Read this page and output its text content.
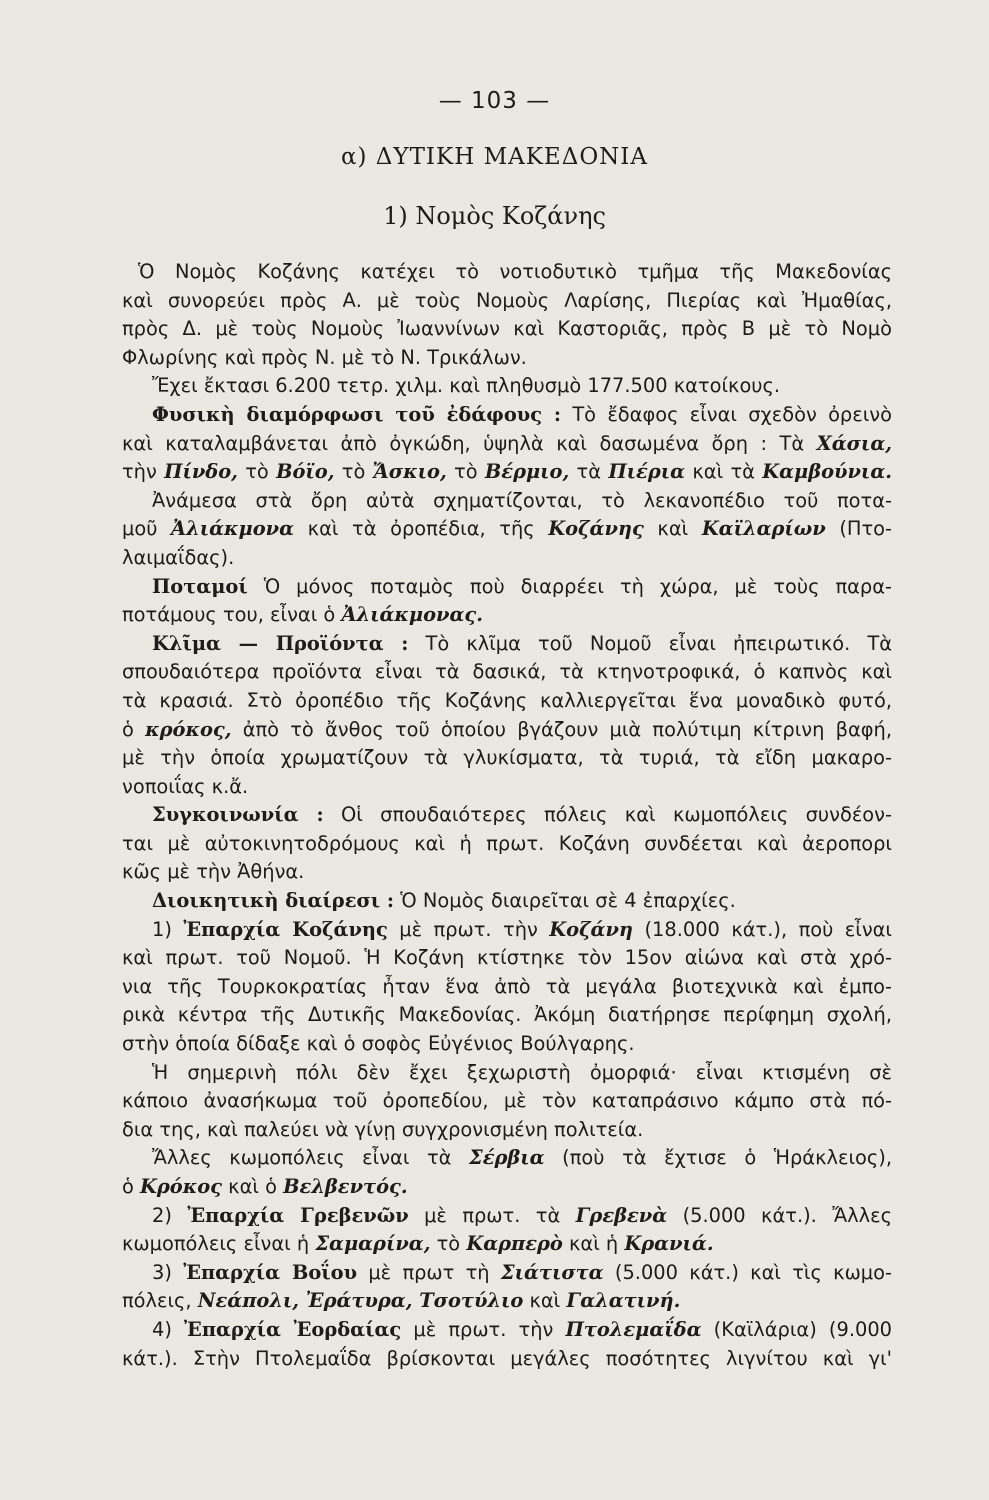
— 103 —
α) ΔΥΤΙΚΗ ΜΑΚΕΔΟΝΙΑ
1) Νομὸς Κοζάνης
Ὁ Νομὸς Κοζάνης κατέχει τὸ νοτιοδυτικὸ τμῆμα τῆς Μακεδονίας
καὶ συνορεύει πρὸς Α. μὲ τοὺς Νομοὺς Λαρίσης, Πιερίας καὶ Ἠμαθίας,
πρὸς Δ. μὲ τοὺς Νομοὺς Ἰωαννίνων καὶ Καστοριᾶς, πρὸς Β μὲ τὸ Νομὸ
Φλωρίνης καὶ πρὸς Ν. μὲ τὸ Ν. Τρικάλων.
Ἔχει ἔκτασι 6.200 τετρ. χιλμ. καὶ πληθυσμὸ 177.500 κατοίκους.
Φυσικὴ διαμόρφωσι τοῦ ἐδάφους : Τὸ ἔδαφος εἶναι σχεδὸν ὀρεινὸ
καὶ καταλαμβάνεται ἀπὸ ὀγκώδη, ὑψηλὰ καὶ δασωμένα ὄρη : Τὰ Χάσια,
τὴν Πίνδο, τὸ Βόϊο, τὸ Ἄσκιο, τὸ Βέρμιο, τὰ Πιέρια καὶ τὰ Καμβούνια.
Ἀνάμεσα στὰ ὄρη αὐτὰ σχηματίζονται, τὸ λεκανοπέδιο τοῦ ποτα-
μοῦ Ἀλιάκμονα καὶ τὰ ὀροπέδια, τῆς Κοζάνης καὶ Καϊλαρίων (Πτο-
λαιμαΐδας).
Ποταμοί Ὁ μόνος ποταμὸς ποὺ διαρρέει τὴ χώρα, μὲ τοὺς παρα-
ποτάμους του, εἶναι ὁ Ἀλιάκμονας.
Κλῖμα — Προϊόντα : Τὸ κλῖμα τοῦ Νομοῦ εἶναι ἠπειρωτικό. Τὰ
σπουδαιότερα προϊόντα εἶναι τὰ δασικά, τὰ κτηνοτροφικά, ὁ καπνὸς καὶ
τὰ κρασιά. Στὸ ὀροπέδιο τῆς Κοζάνης καλλιεργεῖται ἕνα μοναδικὸ φυτό,
ὁ κρόκος, ἀπὸ τὸ ἄνθος τοῦ ὁποίου βγάζουν μιὰ πολύτιμη κίτρινη βαφή,
μὲ τὴν ὁποία χρωματίζουν τὰ γλυκίσματα, τὰ τυριά, τὰ εἴδη μακαρο-
νοποιΐας κ.ἄ.
Συγκοινωνία : Οἱ σπουδαιότερες πόλεις καὶ κωμοπόλεις συνδέον-
ται μὲ αὐτοκινητοδρόμους καὶ ἡ πρωτ. Κοζάνη συνδέεται καὶ ἀεροπορι
κῶς μὲ τὴν Ἀθήνα.
Διοικητικὴ διαίρεσι : Ὁ Νομὸς διαιρεῖται σὲ 4 ἐπαρχίες.
1) Ἐπαρχία Κοζάνης μὲ πρωτ. τὴν Κοζάνη (18.000 κάτ.), ποὺ εἶναι
καὶ πρωτ. τοῦ Νομοῦ. Ἡ Κοζάνη κτίστηκε τὸν 15ον αἰώνα καὶ στὰ χρό-
νια τῆς Τουρκοκρατίας ἦταν ἕνα ἀπὸ τὰ μεγάλα βιοτεχνικὰ καὶ ἐμπο-
ρικὰ κέντρα τῆς Δυτικῆς Μακεδονίας. Ἀκόμη διατήρησε περίφημη σχολή,
στὴν ὁποία δίδαξε καὶ ὁ σοφὸς Εὐγένιος Βούλγαρης.
Ἡ σημερινὴ πόλι δὲν ἔχει ξεχωριστὴ ὀμορφιά· εἶναι κτισμένη σὲ
κάποιο ἀνασήκωμα τοῦ ὀροπεδίου, μὲ τὸν καταπράσινο κάμπο στὰ πό-
δια της, καὶ παλεύει νὰ γίνῃ συγχρονισμένη πολιτεία.
Ἄλλες κωμοπόλεις εἶναι τὰ Σέρβια (ποὺ τὰ ἔχτισε ὁ Ἡράκλειος),
ὁ Κρόκος καὶ ὁ Βελβεντός.
2) Ἐπαρχία Γρεβενῶν μὲ πρωτ. τὰ Γρεβενὰ (5.000 κάτ.). Ἄλλες
κωμοπόλεις εἶναι ἡ Σαμαρίνα, τὸ Καρπερὸ καὶ ἡ Κρανιά.
3) Ἐπαρχία Βοΐου μὲ πρωτ τὴ Σιάτιστα (5.000 κάτ.) καὶ τὶς κωμο-
πόλεις, Νεάπολι, Ἐράτυρα, Τσοτύλιο καὶ Γαλατινή.
4) Ἐπαρχία Ἐορδαίας μὲ πρωτ. τὴν Πτολεμαΐδα (Καϊλάρια) (9.000
κάτ.). Στὴν Πτολεμαΐδα βρίσκονται μεγάλες ποσότητες λιγνίτου καὶ γι'
